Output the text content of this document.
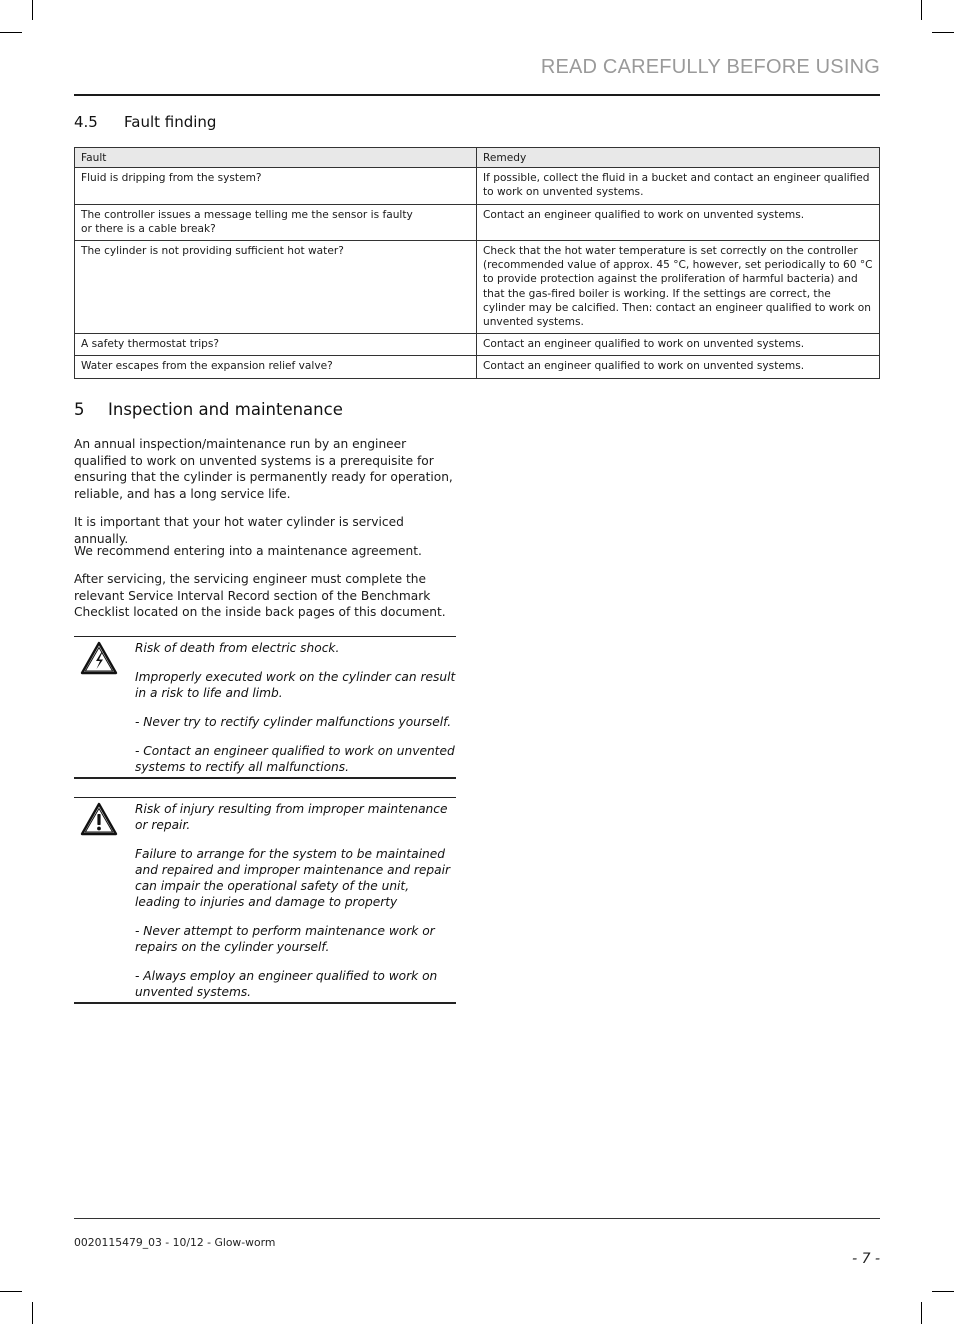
READ CAREFULLY BEFORE USING
4.5 Fault finding
Fault	Remedy
Fluid is dripping from the system?	If possible, collect the fluid in a bucket and contact an engineer qualified to work on unvented systems.
The controller issues a message telling me the sensor is faulty or there is a cable break?	Contact an engineer qualified to work on unvented systems.
The cylinder is not providing sufficient hot water?	Check that the hot water temperature is set correctly on the controller (recommended value of approx. 45 °C, however, set periodically to 60 °C to provide protection against the proliferation of harmful bacteria) and that the gas-fired boiler is working. If the settings are correct, the cylinder may be calcified. Then: contact an engineer qualified to work on unvented systems.
A safety thermostat trips?	Contact an engineer qualified to work on unvented systems.
Water escapes from the expansion relief valve?	Contact an engineer qualified to work on unvented systems.
5 Inspection and maintenance
An annual inspection/maintenance run by an engineer qualified to work on unvented systems is a prerequisite for ensuring that the cylinder is permanently ready for operation, reliable, and has a long service life.
It is important that your hot water cylinder is serviced annually.
We recommend entering into a maintenance agreement.
After servicing, the servicing engineer must complete the relevant Service Interval Record section of the Benchmark Checklist located on the inside back pages of this document.

Risk of death from electric shock.

Improperly executed work on the cylinder can result in a risk to life and limb.

- Never try to rectify cylinder malfunctions yourself.

- Contact an engineer qualified to work on unvented systems to rectify all malfunctions.

Risk of injury resulting from improper maintenance or repair.

Failure to arrange for the system to be maintained and repaired and improper maintenance and repair can impair the operational safety of the unit, leading to injuries and damage to property

- Never attempt to perform maintenance work or repairs on the cylinder yourself.

- Always employ an engineer qualified to work on unvented systems.

0020115479_03 - 10/12 - Glow-worm
- 7 -
